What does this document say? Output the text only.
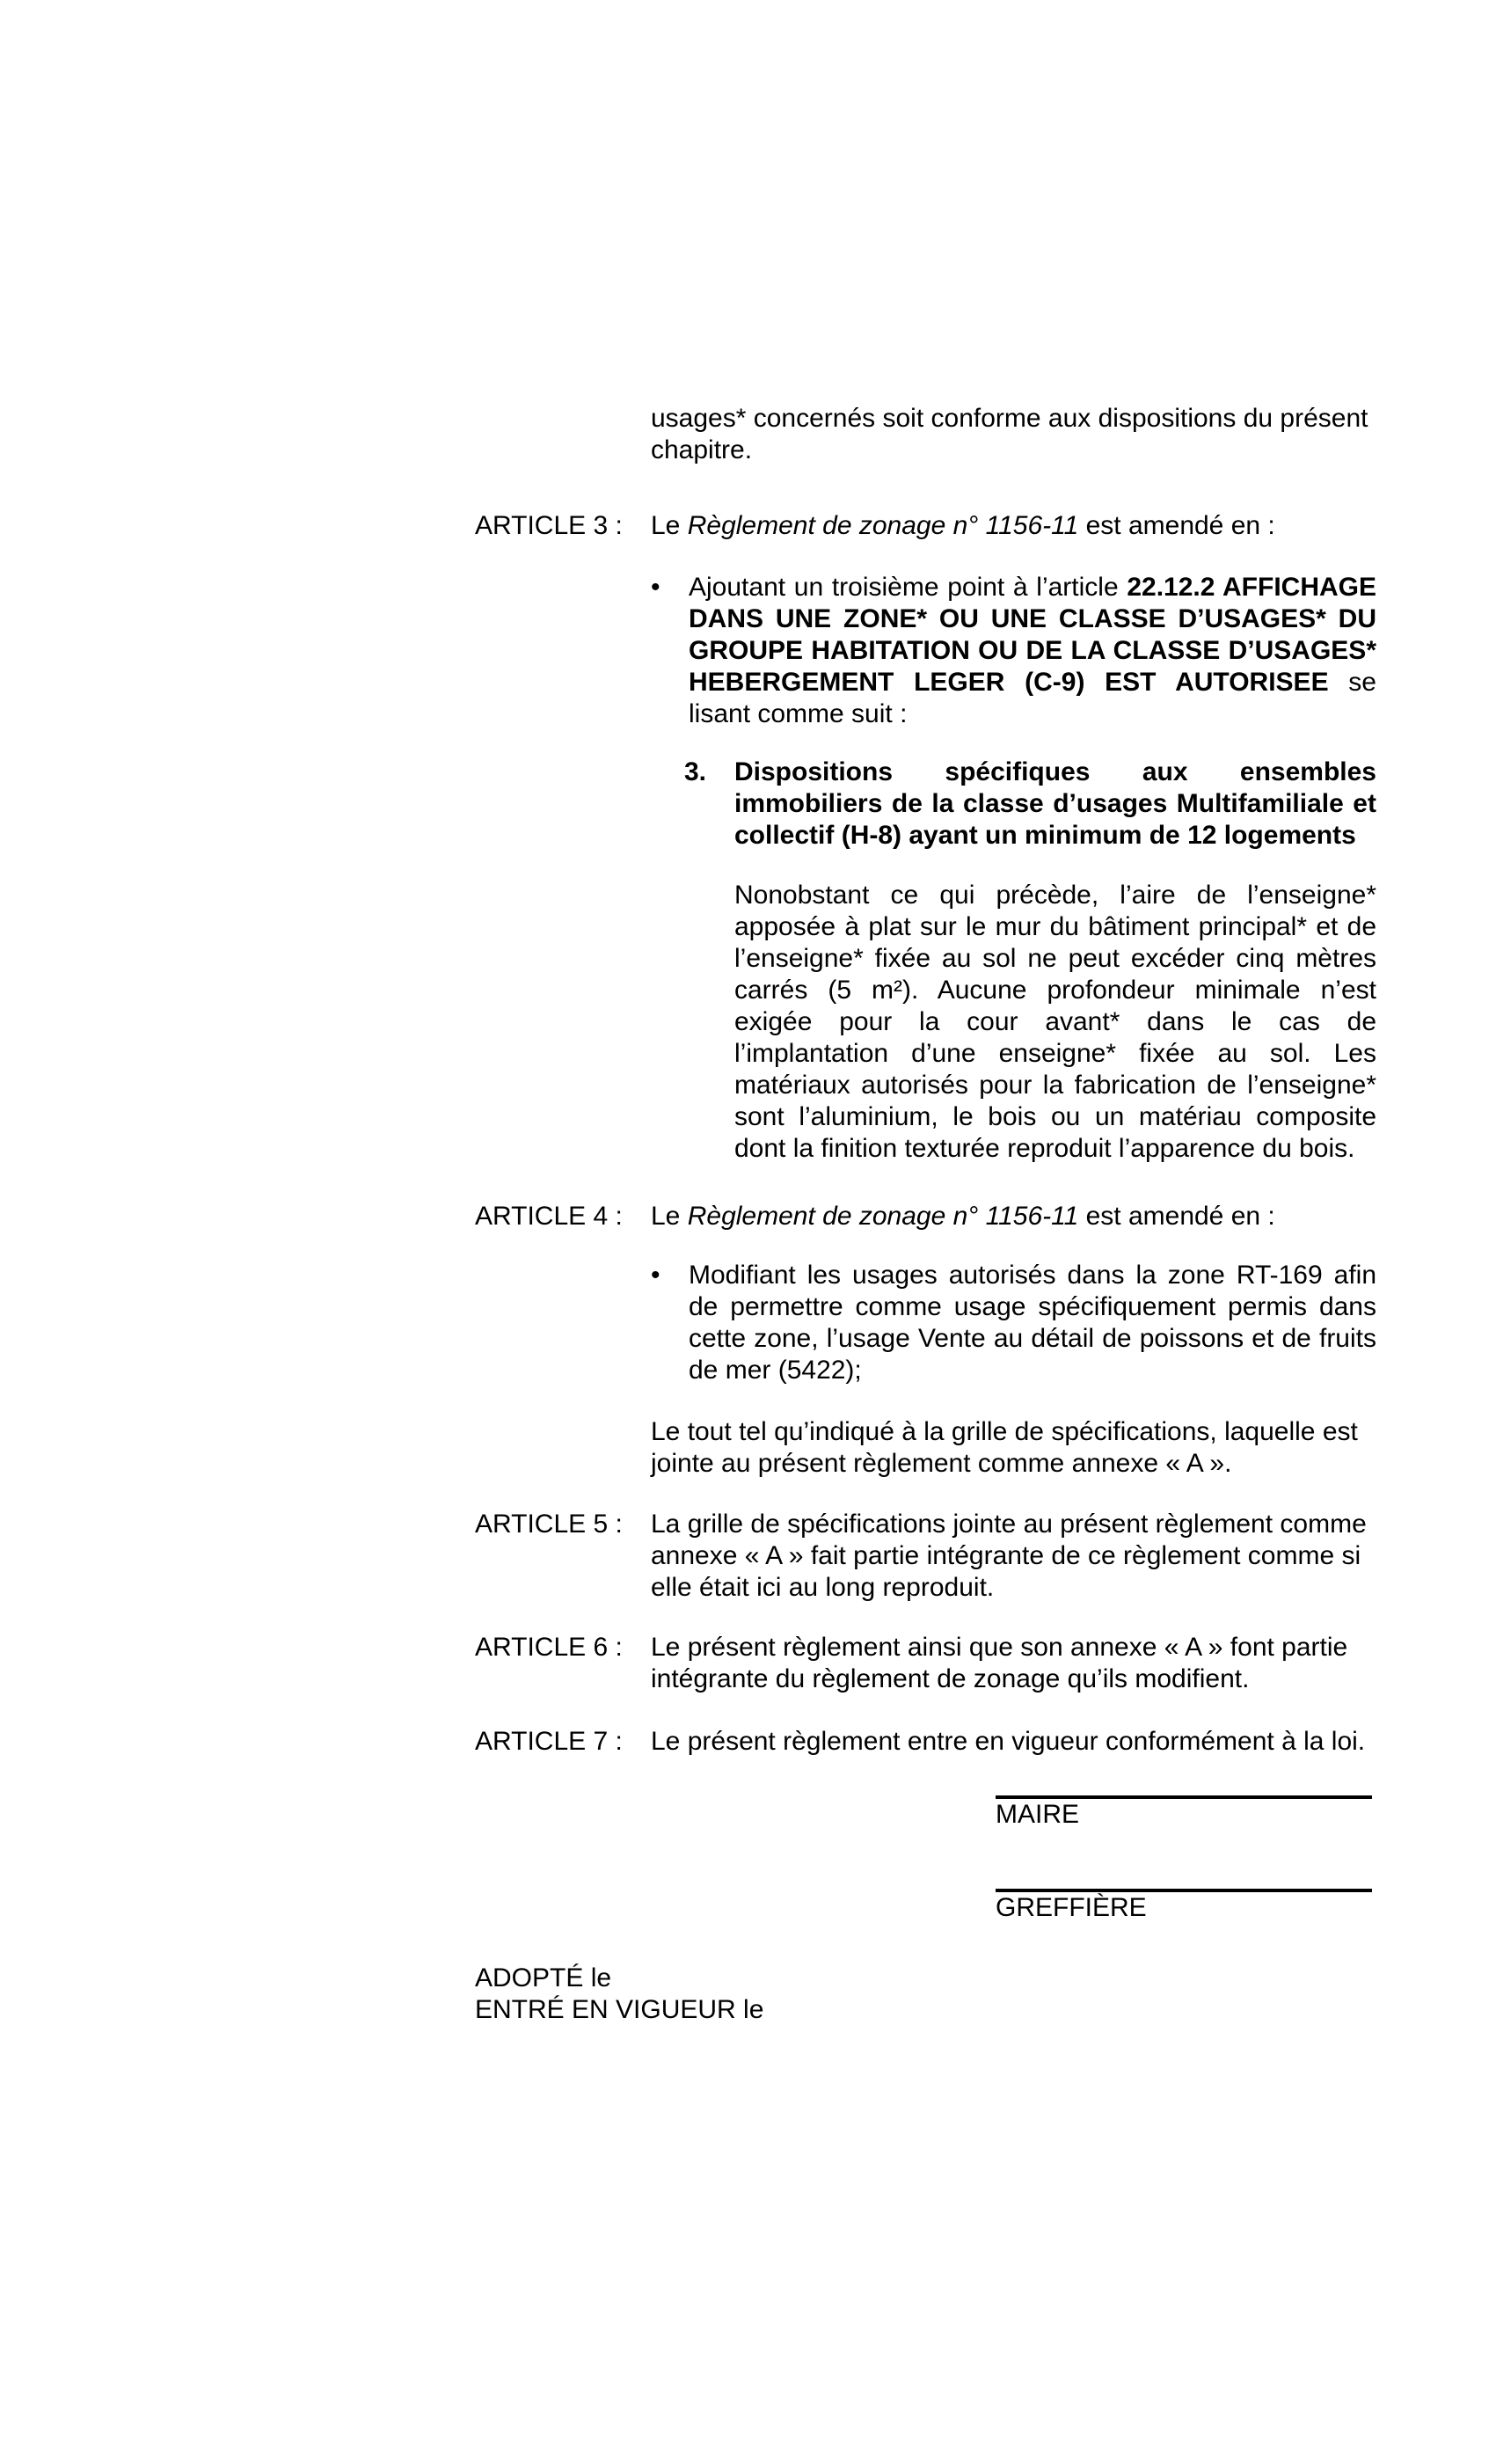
usages* concernés soit conforme aux dispositions du présent chapitre.

ARTICLE 3 :	Le Règlement de zonage n° 1156-11 est amendé en :
•	Ajoutant un troisième point à l’article 22.12.2 AFFICHAGE DANS UNE ZONE* OU UNE CLASSE D’USAGES* DU GROUPE HABITATION OU DE LA CLASSE D’USAGES* HEBERGEMENT LEGER (C-9) EST AUTORISEE se lisant comme suit :
3.	Dispositions spécifiques aux ensembles immobiliers de la classe d’usages Multifamiliale et collectif (H-8) ayant un minimum de 12 logements

Nonobstant ce qui précède, l’aire de l’enseigne* apposée à plat sur le mur du bâtiment principal* et de l’enseigne* fixée au sol ne peut excéder cinq mètres carrés (5 m²). Aucune profondeur minimale n’est exigée pour la cour avant* dans le cas de l’implantation d’une enseigne* fixée au sol. Les matériaux autorisés pour la fabrication de l’enseigne* sont l’aluminium, le bois ou un matériau composite dont la finition texturée reproduit l’apparence du bois.

ARTICLE 4 :	Le Règlement de zonage n° 1156-11 est amendé en :
•	Modifiant les usages autorisés dans la zone RT-169 afin de permettre comme usage spécifiquement permis dans cette zone, l’usage Vente au détail de poissons et de fruits de mer (5422);

Le tout tel qu’indiqué à la grille de spécifications, laquelle est jointe au présent règlement comme annexe « A ».

ARTICLE 5 :	La grille de spécifications jointe au présent règlement comme annexe « A » fait partie intégrante de ce règlement comme si elle était ici au long reproduit.
ARTICLE 6 :	Le présent règlement ainsi que son annexe « A » font partie intégrante du règlement de zonage qu’ils modifient.
ARTICLE 7 :	Le présent règlement entre en vigueur conformément à la loi.
MAIRE
GREFFIÈRE
ADOPTÉ le
ENTRÉ EN VIGUEUR le
